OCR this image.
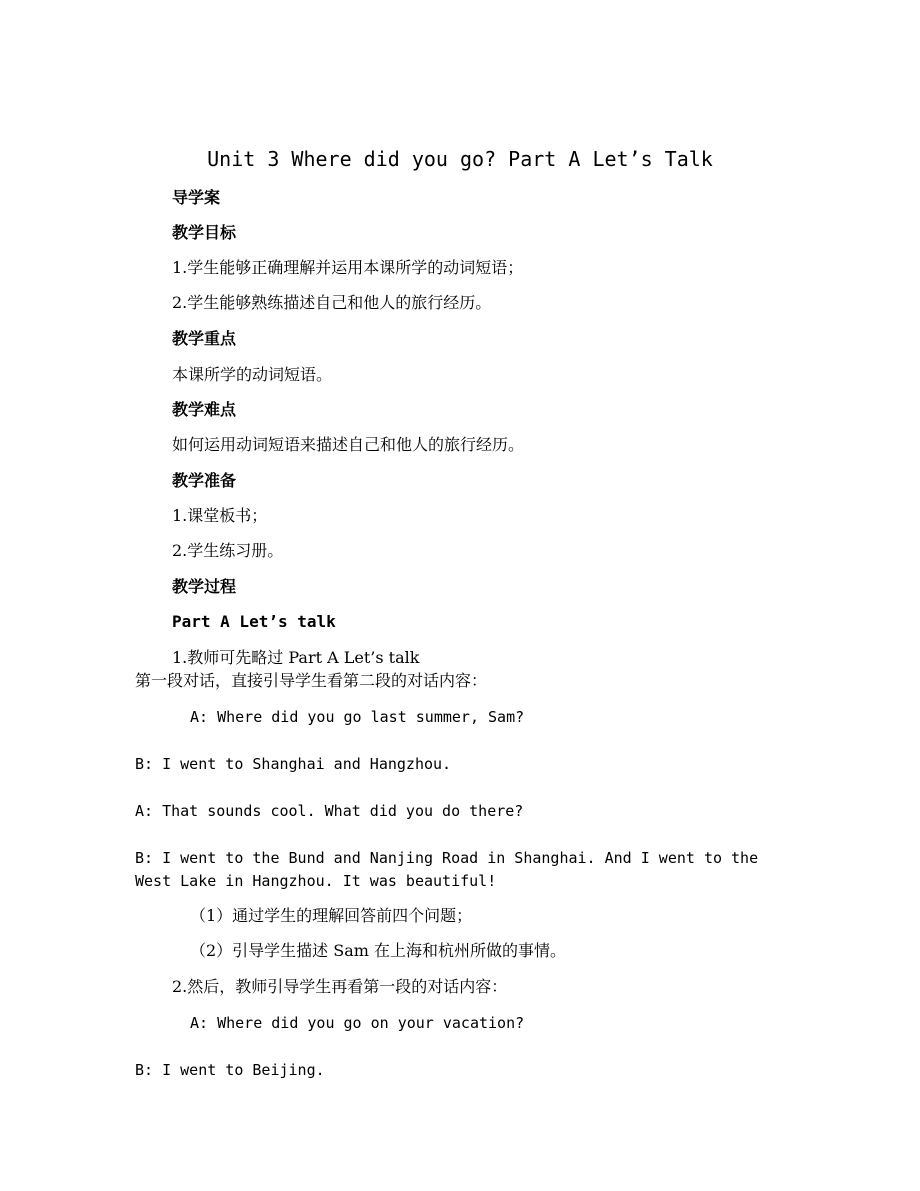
Unit 3 Where did you go? Part A Let’s Talk
导学案
教学目标
1.学生能够正确理解并运用本课所学的动词短语；
2.学生能够熟练描述自己和他人的旅行经历。
教学重点
本课所学的动词短语。
教学难点
如何运用动词短语来描述自己和他人的旅行经历。
教学准备
1.课堂板书；
2.学生练习册。
教学过程
Part A Let’s talk
1.教师可先略过 Part A Let’s talk
第一段对话，直接引导学生看第二段的对话内容：
A: Where did you go last summer, Sam?
B: I went to Shanghai and Hangzhou.
A: That sounds cool. What did you do there?
B: I went to the Bund and Nanjing Road in Shanghai. And I went to the
West Lake in Hangzhou. It was beautiful!
（1）通过学生的理解回答前四个问题；
（2）引导学生描述 Sam 在上海和杭州所做的事情。
2.然后，教师引导学生再看第一段的对话内容：
A: Where did you go on your vacation?
B: I went to Beijing.
